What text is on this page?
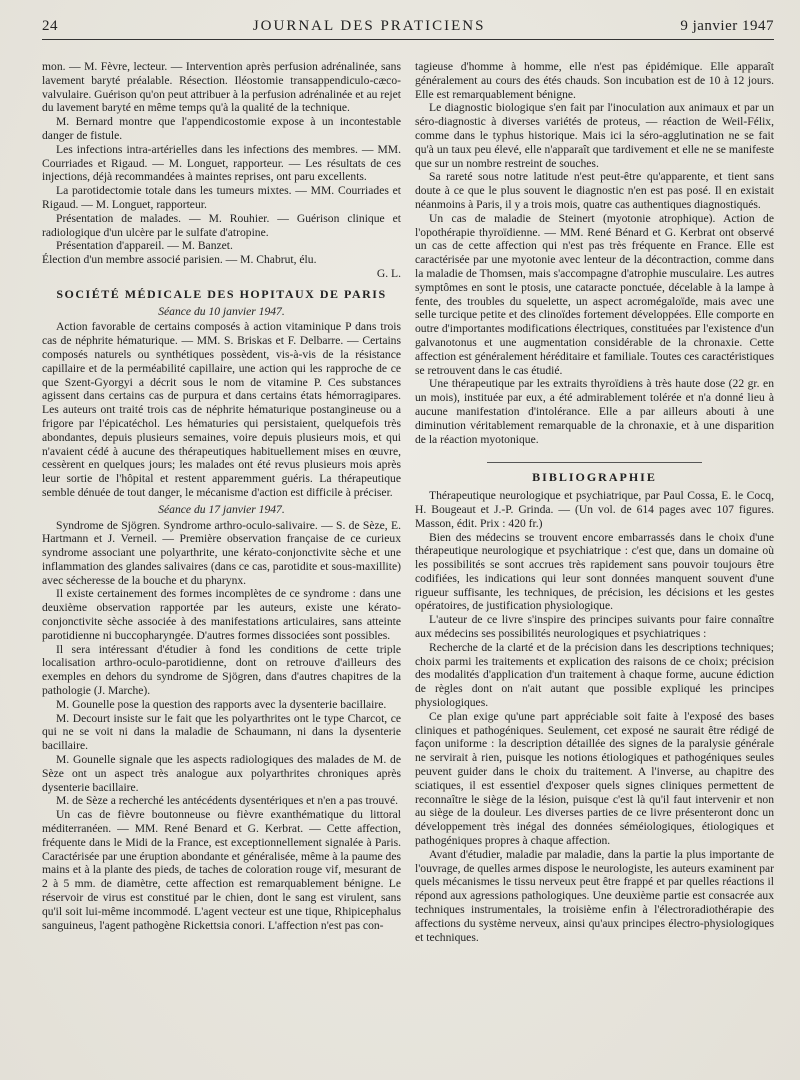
24	JOURNAL DES PRATICIENS	9 janvier 1947

mon. — M. Fèvre, lecteur. — Intervention après perfusion adrénalinée, sans lavement baryté préalable. Résection. Iléostomie transappendiculo-cæco-valvulaire. Guérison qu'on peut attribuer à la perfusion adrénalinée et au rejet du lavement baryté en même temps qu'à la qualité de la technique.

M. Bernard montre que l'appendicostomie expose à un incontestable danger de fistule.

Les infections intra-artérielles dans les infections des membres. — MM. Courriades et Rigaud. — M. Longuet, rapporteur. — Les résultats de ces injections, déjà recommandées à maintes reprises, ont paru excellents.

La parotidectomie totale dans les tumeurs mixtes. — MM. Courriades et Rigaud. — M. Longuet, rapporteur.

Présentation de malades. — M. Rouhier. — Guérison clinique et radiologique d'un ulcère par le sulfate d'atropine.

Présentation d'appareil. — M. Banzet.

Élection d'un membre associé parisien. — M. Chabrut, élu.

G. L.
SOCIÉTÉ MÉDICALE DES HOPITAUX DE PARIS
Séance du 10 janvier 1947.

Action favorable de certains composés à action vitaminique P dans trois cas de néphrite hématurique. — MM. S. Briskas et F. Delbarre. — Certains composés naturels ou synthétiques possèdent, vis-à-vis de la résistance capillaire et de la perméabilité capillaire, une action qui les rapproche de ce que Szent-Gyorgyi a décrit sous le nom de vitamine P. Ces substances agissent dans certains cas de purpura et dans certains états hémorragipares. Les auteurs ont traité trois cas de néphrite hématurique postangineuse ou a frigore par l'épicatéchol. Les hématuries qui persistaient, quelquefois très abondantes, depuis plusieurs semaines, voire depuis plusieurs mois, et qui n'avaient cédé à aucune des thérapeutiques habituellement mises en œuvre, cessèrent en quelques jours; les malades ont été revus plusieurs mois après leur sortie de l'hôpital et restent apparemment guéris. La thérapeutique semble dénuée de tout danger, le mécanisme d'action est difficile à préciser.

Séance du 17 janvier 1947.

Syndrome de Sjögren. Syndrome arthro-oculo-salivaire. — S. de Sèze, E. Hartmann et J. Verneil. — Première observation française de ce curieux syndrome associant une polyarthrite, une kérato-conjonctivite sèche et une inflammation des glandes salivaires (dans ce cas, parotidite et sous-maxillite) avec sécheresse de la bouche et du pharynx.

Il existe certainement des formes incomplètes de ce syndrome : dans une deuxième observation rapportée par les auteurs, existe une kérato-conjonctivite sèche associée à des manifestations articulaires, sans atteinte parotidienne ni buccopharyngée. D'autres formes dissociées sont possibles.

Il sera intéressant d'étudier à fond les conditions de cette triple localisation arthro-oculo-parotidienne, dont on retrouve d'ailleurs des exemples en dehors du syndrome de Sjögren, dans d'autres chapitres de la pathologie (J. Marche).

M. Gounelle pose la question des rapports avec la dysenterie bacillaire.

M. Decourt insiste sur le fait que les polyarthrites ont le type Charcot, ce qui ne se voit ni dans la maladie de Schaumann, ni dans la dysenterie bacillaire.

M. Gounelle signale que les aspects radiologiques des malades de M. de Sèze ont un aspect très analogue aux polyarthrites chroniques après dysenterie bacillaire.

M. de Sèze a recherché les antécédents dysentériques et n'en a pas trouvé.

Un cas de fièvre boutonneuse ou fièvre exanthématique du littoral méditerranéen. — MM. René Benard et G. Kerbrat. — Cette affection, fréquente dans le Midi de la France, est exceptionnellement signalée à Paris. Caractérisée par une éruption abondante et généralisée, même à la paume des mains et à la plante des pieds, de taches de coloration rouge vif, mesurant de 2 à 5 mm. de diamètre, cette affection est remarquablement bénigne. Le réservoir de virus est constitué par le chien, dont le sang est virulent, sans qu'il soit lui-même incommodé. L'agent vecteur est une tique, Rhipicephalus sanguineus, l'agent pathogène Rickettsia conori. L'affection n'est pas con-

tagieuse d'homme à homme, elle n'est pas épidémique. Elle apparaît généralement au cours des étés chauds. Son incubation est de 10 à 12 jours. Elle est remarquablement bénigne.

Le diagnostic biologique s'en fait par l'inoculation aux animaux et par un séro-diagnostic à diverses variétés de proteus, — réaction de Weil-Félix, comme dans le typhus historique. Mais ici la séro-agglutination ne se fait qu'à un taux peu élevé, elle n'apparaît que tardivement et elle ne se manifeste que sur un nombre restreint de souches.

Sa rareté sous notre latitude n'est peut-être qu'apparente, et tient sans doute à ce que le plus souvent le diagnostic n'en est pas posé. Il en existait néanmoins à Paris, il y a trois mois, quatre cas authentiques diagnostiqués.

Un cas de maladie de Steinert (myotonie atrophique). Action de l'opothérapie thyroïdienne. — MM. René Bénard et G. Kerbrat ont observé un cas de cette affection qui n'est pas très fréquente en France. Elle est caractérisée par une myotonie avec lenteur de la décontraction, comme dans la maladie de Thomsen, mais s'accompagne d'atrophie musculaire. Les autres symptômes en sont le ptosis, une cataracte ponctuée, décelable à la lampe à fente, des troubles du squelette, un aspect acromégaloïde, mais avec une selle turcique petite et des clinoïdes fortement développées. Elle comporte en outre d'importantes modifications électriques, constituées par l'existence d'un galvanotonus et une augmentation considérable de la chronaxie. Cette affection est généralement héréditaire et familiale. Toutes ces caractéristiques se retrouvent dans le cas étudié.

Une thérapeutique par les extraits thyroïdiens à très haute dose (22 gr. en un mois), instituée par eux, a été admirablement tolérée et n'a donné lieu à aucune manifestation d'intolérance. Elle a par ailleurs abouti à une diminution véritablement remarquable de la chronaxie, et à une disparition de la réaction myotonique.

BIBLIOGRAPHIE

Thérapeutique neurologique et psychiatrique, par Paul Cossa, E. le Cocq, H. Bougeaut et J.-P. Grinda. — (Un vol. de 614 pages avec 107 figures. Masson, édit. Prix : 420 fr.)

Bien des médecins se trouvent encore embarrassés dans le choix d'une thérapeutique neurologique et psychiatrique : c'est que, dans un domaine où les possibilités se sont accrues très rapidement sans pouvoir toujours être codifiées, les indications qui leur sont données manquent souvent d'une rigueur suffisante, les techniques, de précision, les décisions et les gestes opératoires, de justification physiologique.

L'auteur de ce livre s'inspire des principes suivants pour faire connaître aux médecins ses possibilités neurologiques et psychiatriques :

Recherche de la clarté et de la précision dans les descriptions techniques; choix parmi les traitements et explication des raisons de ce choix; précision des modalités d'application d'un traitement à chaque forme, aucune édiction de règles dont on n'ait autant que possible expliqué les principes physiologiques.

Ce plan exige qu'une part appréciable soit faite à l'exposé des bases cliniques et pathogéniques. Seulement, cet exposé ne saurait être rédigé de façon uniforme : la description détaillée des signes de la paralysie générale ne servirait à rien, puisque les notions étiologiques et pathogéniques seules peuvent guider dans le choix du traitement. A l'inverse, au chapitre des sciatiques, il est essentiel d'exposer quels signes cliniques permettent de reconnaître le siège de la lésion, puisque c'est là qu'il faut intervenir et non au siège de la douleur. Les diverses parties de ce livre présenteront donc un développement très inégal des données séméiologiques, étiologiques et pathogéniques propres à chaque affection.

Avant d'étudier, maladie par maladie, dans la partie la plus importante de l'ouvrage, de quelles armes dispose le neurologiste, les auteurs examinent par quels mécanismes le tissu nerveux peut être frappé et par quelles réactions il répond aux agressions pathologiques. Une deuxième partie est consacrée aux techniques instrumentales, la troisième enfin à l'électroradiothérapie des affections du système nerveux, ainsi qu'aux principes électro-physiologiques et techniques.
